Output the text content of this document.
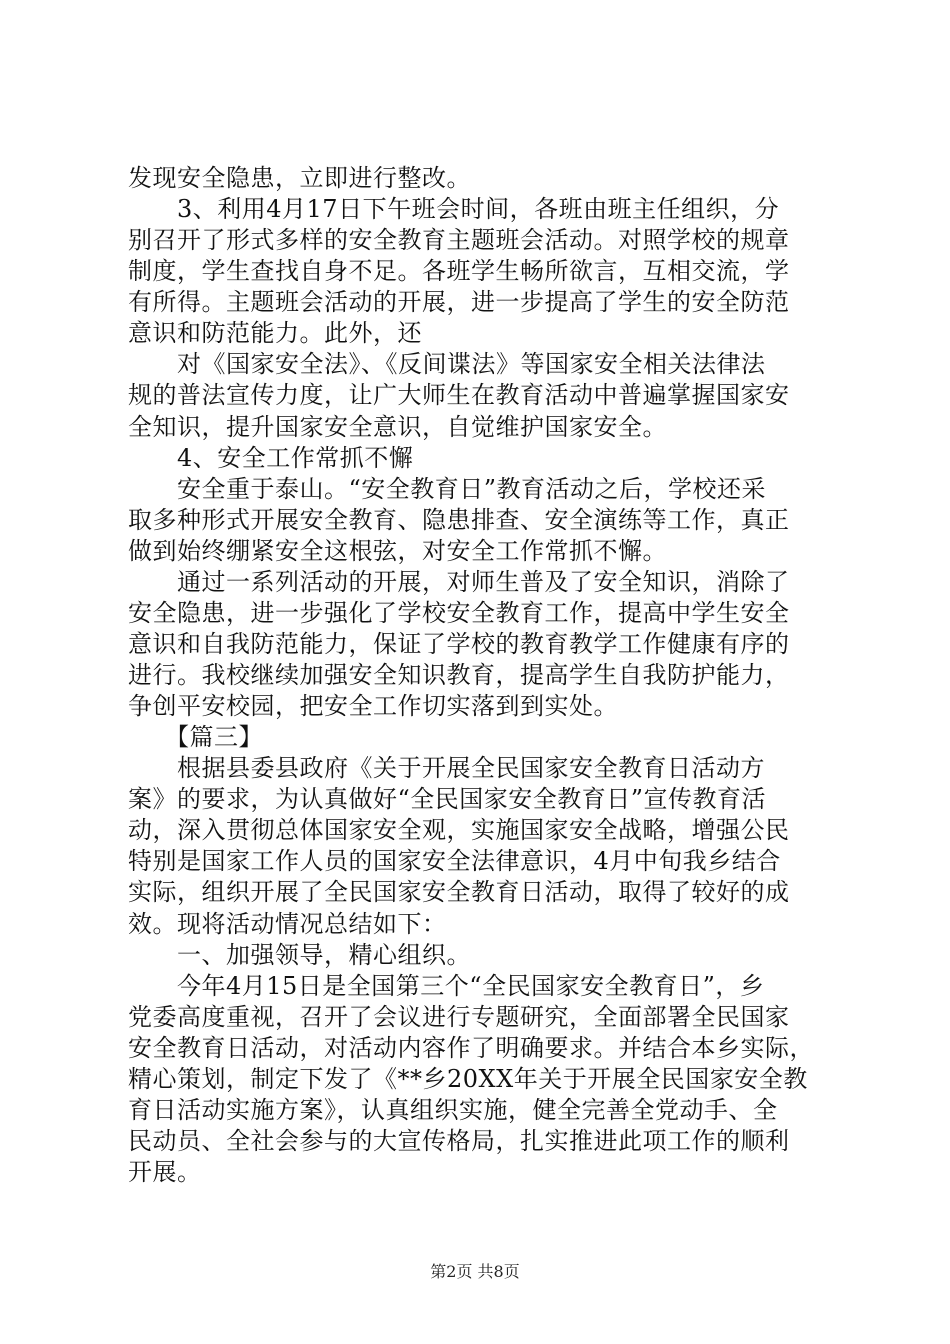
发现安全隐患，立即进行整改。
　　3、利用4月17日下午班会时间，各班由班主任组织，分
别召开了形式多样的安全教育主题班会活动。对照学校的规章
制度，学生查找自身不足。各班学生畅所欲言，互相交流，学
有所得。主题班会活动的开展，进一步提高了学生的安全防范
意识和防范能力。此外，还
　　对《国家安全法》、《反间谍法》等国家安全相关法律法
规的普法宣传力度，让广大师生在教育活动中普遍掌握国家安
全知识，提升国家安全意识，自觉维护国家安全。
　　4、安全工作常抓不懈
　　安全重于泰山。“安全教育日”教育活动之后，学校还采
取多种形式开展安全教育、隐患排查、安全演练等工作，真正
做到始终绷紧安全这根弦，对安全工作常抓不懈。
　　通过一系列活动的开展，对师生普及了安全知识，消除了
安全隐患，进一步强化了学校安全教育工作，提高中学生安全
意识和自我防范能力，保证了学校的教育教学工作健康有序的
进行。我校继续加强安全知识教育，提高学生自我防护能力，
争创平安校园，把安全工作切实落到到实处。
　　【篇三】
　　根据县委县政府《关于开展全民国家安全教育日活动方
案》的要求，为认真做好“全民国家安全教育日”宣传教育活
动，深入贯彻总体国家安全观，实施国家安全战略，增强公民
特别是国家工作人员的国家安全法律意识，4月中旬我乡结合
实际，组织开展了全民国家安全教育日活动，取得了较好的成
效。现将活动情况总结如下：
　　一、加强领导，精心组织。
　　今年4月15日是全国第三个“全民国家安全教育日”，乡
党委高度重视，召开了会议进行专题研究，全面部署全民国家
安全教育日活动，对活动内容作了明确要求。并结合本乡实际，
精心策划，制定下发了《**乡20XX年关于开展全民国家安全教
育日活动实施方案》，认真组织实施，健全完善全党动手、全
民动员、全社会参与的大宣传格局，扎实推进此项工作的顺利
开展。
第2页 共8页
